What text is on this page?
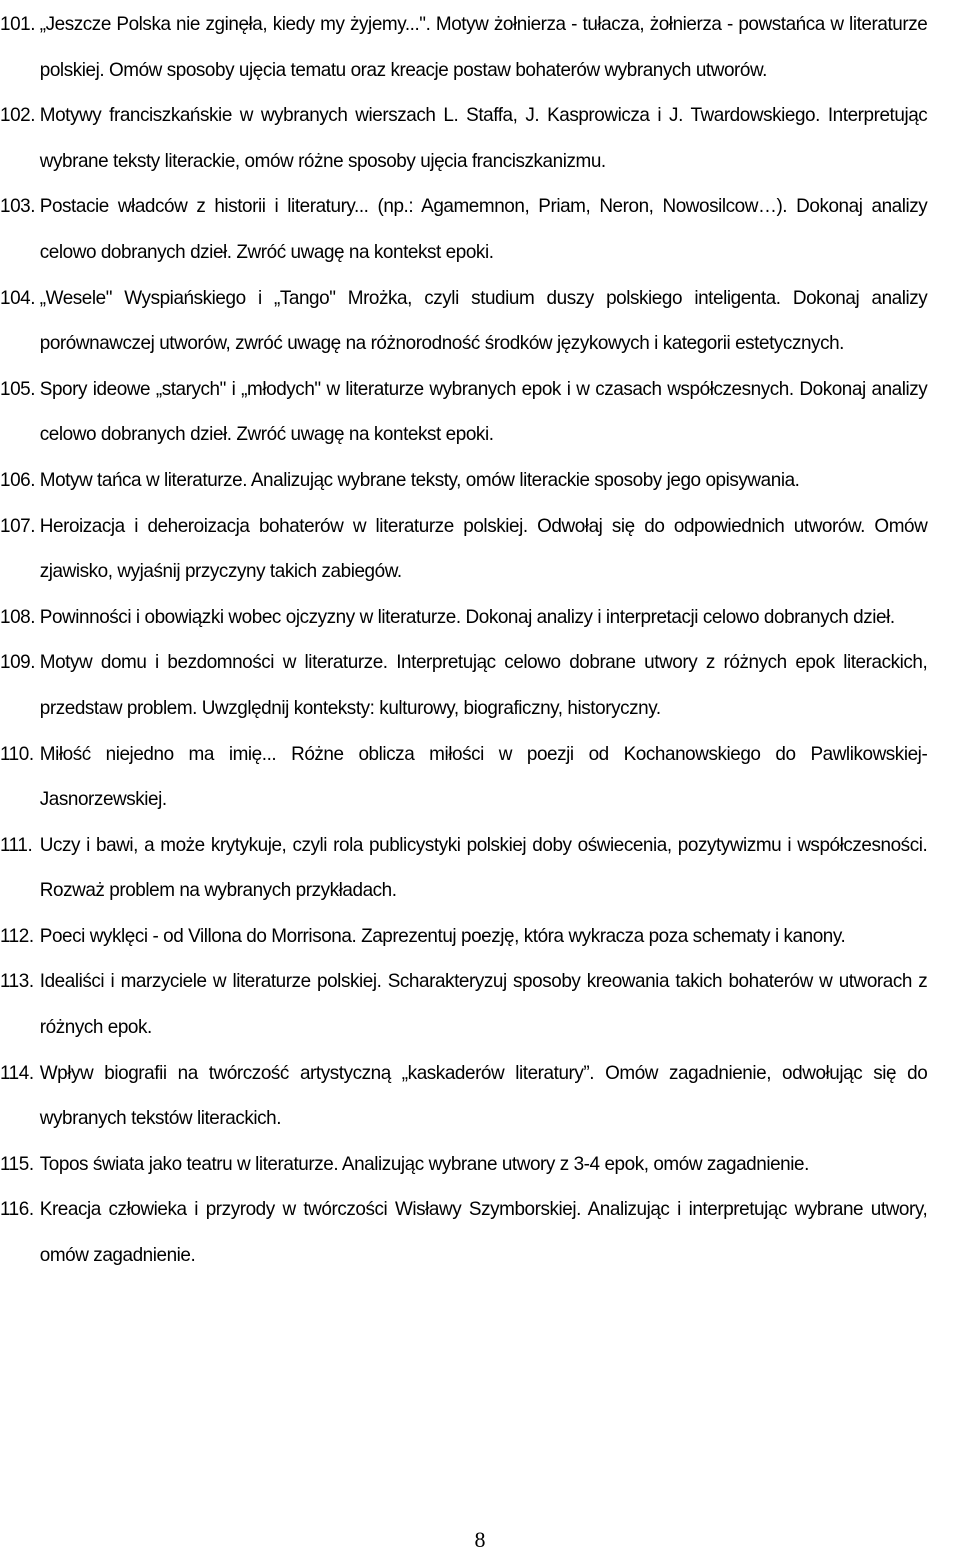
101. „Jeszcze Polska nie zginęła, kiedy my żyjemy...". Motyw żołnierza - tułacza, żołnierza - powstańca w literaturze polskiej. Omów sposoby ujęcia tematu oraz kreacje postaw bohaterów wybranych utworów.
102. Motywy franciszkańskie w wybranych wierszach L. Staffa, J. Kasprowicza i J. Twardowskiego. Interpretując wybrane teksty literackie, omów różne sposoby ujęcia franciszkanizmu.
103. Postacie władców z historii i literatury... (np.: Agamemnon, Priam, Neron, Nowosilcow…). Dokonaj analizy celowo dobranych dzieł. Zwróć uwagę na kontekst epoki.
104. „Wesele" Wyspiańskiego i „Tango" Mrożka, czyli studium duszy polskiego inteligenta. Dokonaj analizy porównawczej utworów, zwróć uwagę na różnorodność środków językowych i kategorii estetycznych.
105. Spory ideowe „starych" i „młodych" w literaturze wybranych epok i w czasach współczesnych. Dokonaj analizy celowo dobranych dzieł. Zwróć uwagę na kontekst epoki.
106. Motyw tańca w literaturze. Analizując wybrane teksty, omów literackie sposoby jego opisywania.
107. Heroizacja i deheroizacja bohaterów w literaturze polskiej. Odwołaj się do odpowiednich utworów. Omów zjawisko, wyjaśnij przyczyny takich zabiegów.
108. Powinności i obowiązki wobec ojczyzny w literaturze. Dokonaj analizy i interpretacji celowo dobranych dzieł.
109. Motyw domu i bezdomności w literaturze. Interpretując celowo dobrane utwory z różnych epok literackich, przedstaw problem. Uwzględnij konteksty: kulturowy, biograficzny, historyczny.
110. Miłość niejedno ma imię... Różne oblicza miłości w poezji od Kochanowskiego do Pawlikowskiej-Jasnorzewskiej.
111. Uczy i bawi, a może krytykuje, czyli rola publicystyki polskiej doby oświecenia, pozytywizmu i współczesności. Rozważ problem na wybranych przykładach.
112. Poeci wyklęci - od Villona do Morrisona. Zaprezentuj poezję, która wykracza poza schematy i kanony.
113. Idealiści i marzyciele w literaturze polskiej. Scharakteryzuj sposoby kreowania takich bohaterów w utworach z różnych epok.
114. Wpływ biografii na twórczość artystyczną „kaskaderów literatury”. Omów zagadnienie, odwołując się do wybranych tekstów literackich.
115. Topos świata jako teatru w literaturze. Analizując wybrane utwory z 3-4 epok, omów zagadnienie.
116. Kreacja człowieka i przyrody w twórczości Wisławy Szymborskiej. Analizując i interpretując wybrane utwory, omów zagadnienie.
8
